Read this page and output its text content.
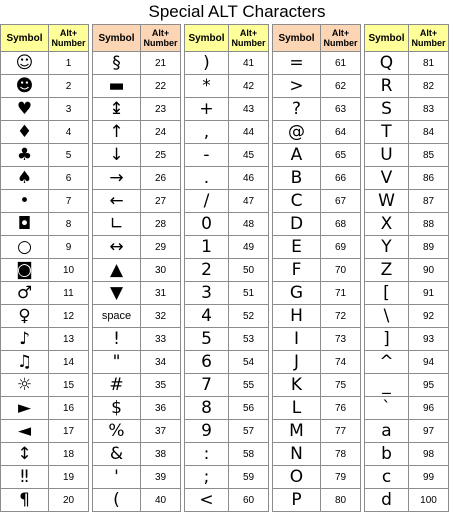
Special ALT Characters
Symbol	Alt+ Number
☺	1
☻	2
♥	3
♦	4
♣	5
♠	6
•	7
◘	8
○	9
◙	10
♂	11
♀	12
♪	13
♫	14
☼	15
►	16
◄	17
↕	18
‼	19
¶	20
Symbol	Alt+ Number
§	21
▬	22
↨	23
↑	24
↓	25
→	26
←	27
∟	28
↔	29
▲	30
▼	31
space	32
!	33
"	34
#	35
$	36
%	37
&	38
'	39
(	40
Symbol	Alt+ Number
)	41
*	42
+	43
,	44
-	45
.	46
/	47
0	48
1	49
2	50
3	51
4	52
5	53
6	54
7	55
8	56
9	57
:	58
;	59
<	60
Symbol	Alt+ Number
=	61
>	62
?	63
@	64
A	65
B	66
C	67
D	68
E	69
F	70
G	71
H	72
I	73
J	74
K	75
L	76
M	77
N	78
O	79
P	80
Symbol	Alt+ Number
Q	81
R	82
S	83
T	84
U	85
V	86
W	87
X	88
Y	89
Z	90
[	91
\	92
]	93
^	94
_	95
`	96
a	97
b	98
c	99
d	100
